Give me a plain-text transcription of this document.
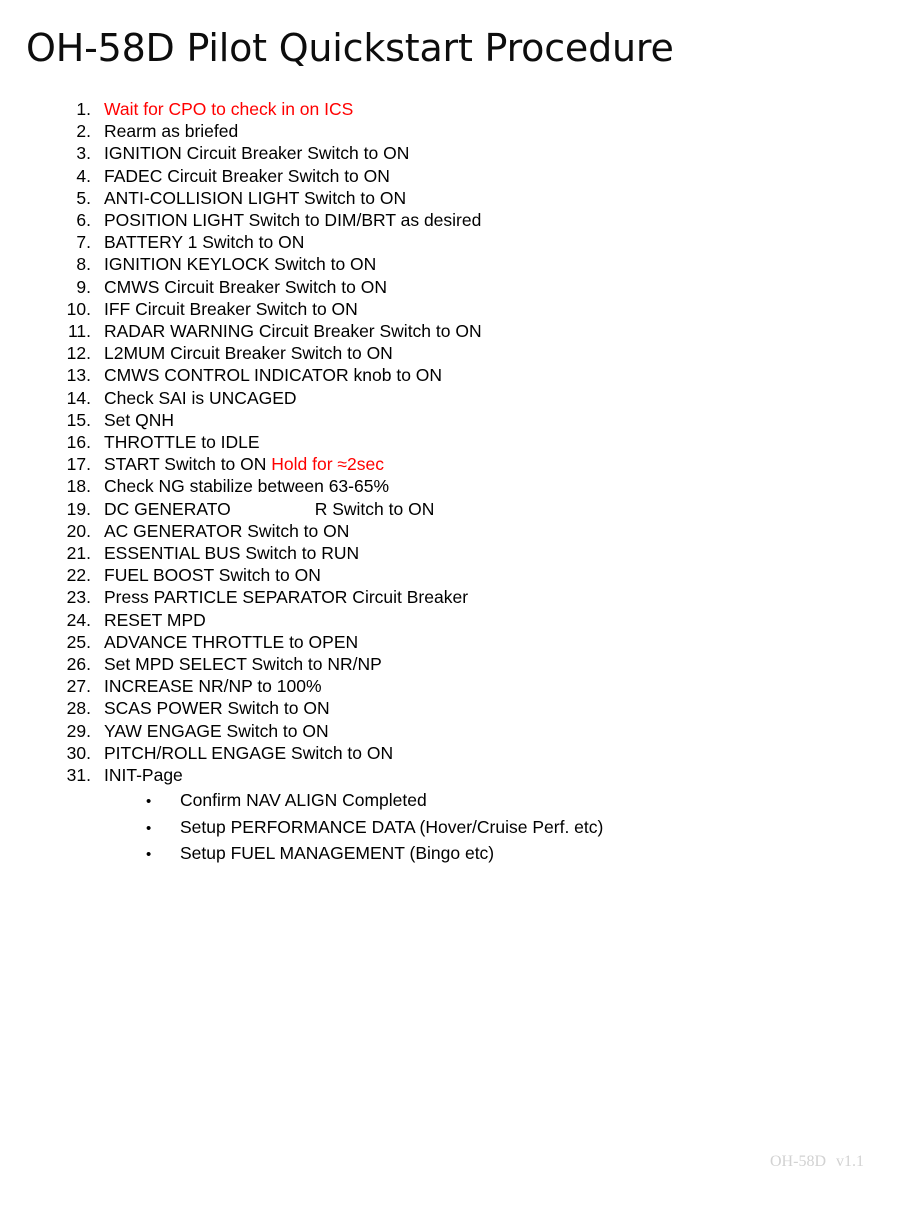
OH-58D Pilot Quickstart Procedure
1. Wait for CPO to check in on ICS
2. Rearm as briefed
3. IGNITION Circuit Breaker Switch to ON
4. FADEC Circuit Breaker Switch to ON
5. ANTI-COLLISION LIGHT Switch to ON
6. POSITION LIGHT Switch to DIM/BRT as desired
7. BATTERY 1 Switch to ON
8. IGNITION KEYLOCK Switch to ON
9. CMWS Circuit Breaker Switch to ON
10. IFF Circuit Breaker Switch to ON
11. RADAR WARNING Circuit Breaker Switch to ON
12. L2MUM Circuit Breaker Switch to ON
13. CMWS CONTROL INDICATOR knob to ON
14. Check SAI is UNCAGED
15. Set QNH
16. THROTTLE to IDLE
17. START Switch to ON Hold for ≈2sec
18. Check NG stabilize between 63-65%
19. DC GENERATO	R Switch to ON
20. AC GENERATOR Switch to ON
21. ESSENTIAL BUS Switch to RUN
22. FUEL BOOST Switch to ON
23. Press PARTICLE SEPARATOR Circuit Breaker
24. RESET MPD
25. ADVANCE THROTTLE to OPEN
26. Set MPD SELECT Switch to NR/NP
27. INCREASE NR/NP to 100%
28. SCAS POWER Switch to ON
29. YAW ENGAGE Switch to ON
30. PITCH/ROLL ENGAGE Switch to ON
31. INIT-Page
•	Confirm NAV ALIGN Completed
•	Setup PERFORMANCE DATA (Hover/Cruise Perf. etc)
•	Setup FUEL MANAGEMENT (Bingo etc)
OH-58D v1.1
